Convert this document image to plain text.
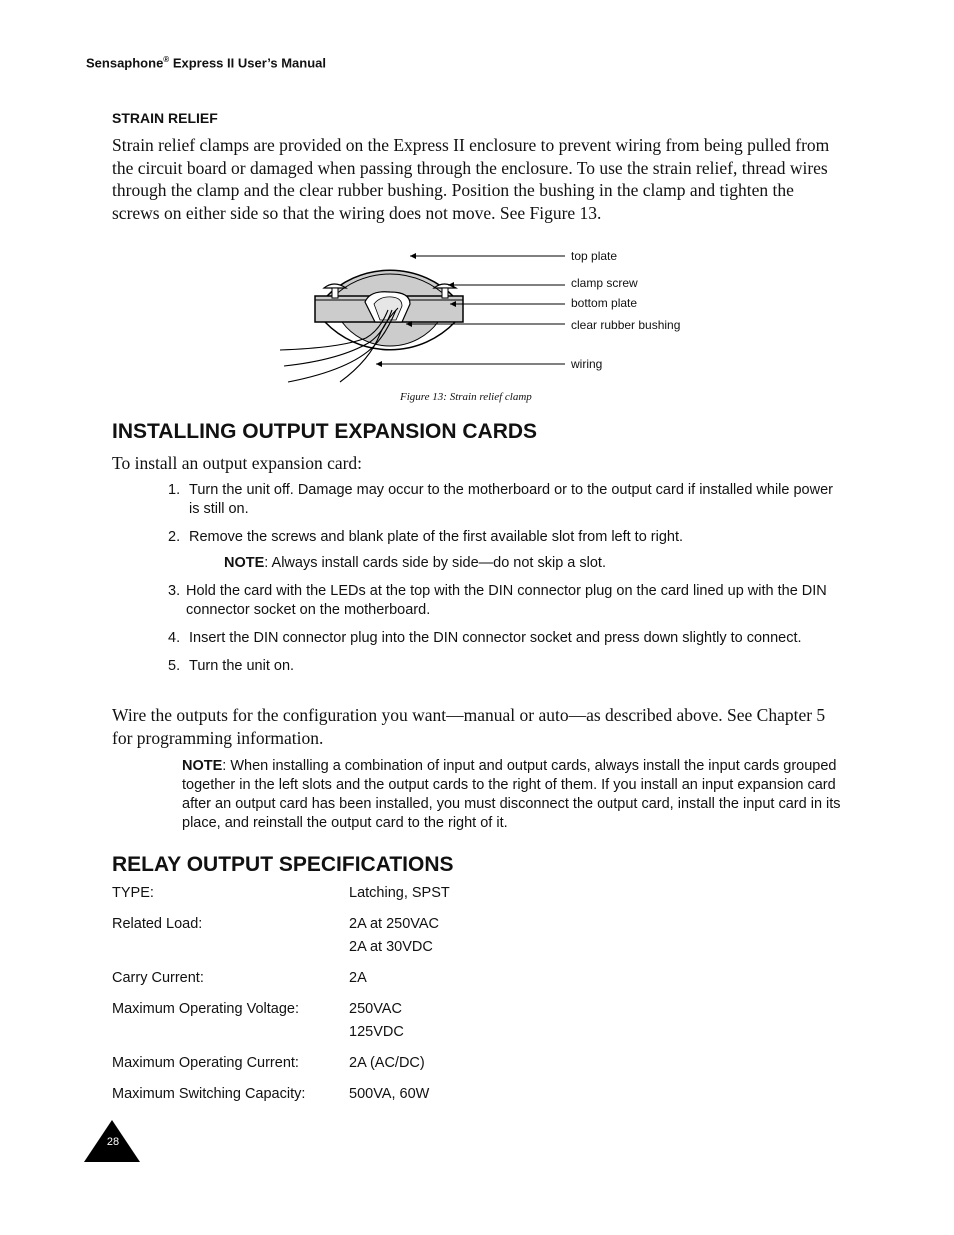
Sensaphone® Express II User’s Manual
STRAIN RELIEF
Strain relief clamps are provided on the Express II enclosure to prevent wiring from being pulled from the circuit board or damaged when passing through the enclosure. To use the strain relief, thread wires through the clamp and the clear rubber bushing. Position the bushing in the clamp and tighten the screws on either side so that the wiring does not move. See Figure 13.
top plate
clamp screw
bottom plate
clear rubber bushing
wiring
Figure 13: Strain relief clamp
INSTALLING OUTPUT EXPANSION CARDS
To install an output expansion card:
1. Turn the unit off. Damage may occur to the motherboard or to the output card if installed while power is still on.
2. Remove the screws and blank plate of the first available slot from left to right.
NOTE: Always install cards side by side—do not skip a slot.
3. Hold the card with the LEDs at the top with the DIN connector plug on the card lined up with the DIN connector socket on the motherboard.
4. Insert the DIN connector plug into the DIN connector socket and press down slightly to connect.
5. Turn the unit on.
Wire the outputs for the configuration you want—manual or auto—as described above. See Chapter 5 for programming information.
NOTE: When installing a combination of input and output cards, always install the input cards grouped together in the left slots and the output cards to the right of them. If you install an input expansion card after an output card has been installed, you must disconnect the output card, install the input card in its place, and reinstall the output card to the right of it.
RELAY OUTPUT SPECIFICATIONS
TYPE:	Latching, SPST
Related Load:	2A at 250VAC
2A at 30VDC
Carry Current:	2A
Maximum Operating Voltage:	250VAC
125VDC
Maximum Operating Current:	2A (AC/DC)
Maximum Switching Capacity:	500VA, 60W
28
